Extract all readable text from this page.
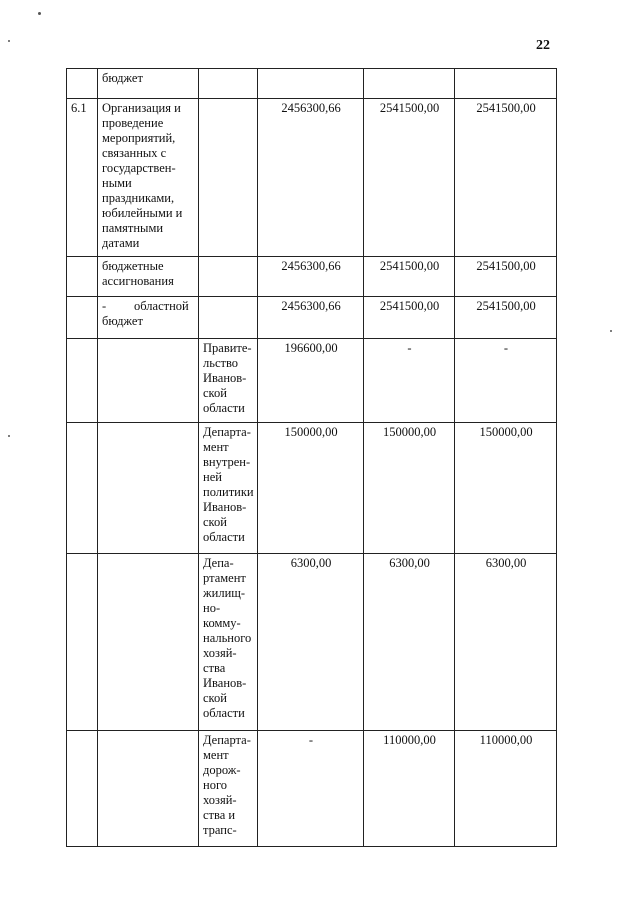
22
	бюджет				
6.1	Организация и проведение мероприятий, связанных с государствен-ными праздниками, юбилейными и памятными датами		2456300,66	2541500,00	2541500,00
	бюджетные ассигнования		2456300,66	2541500,00	2541500,00
	- областной бюджет		2456300,66	2541500,00	2541500,00
		Правите-льство Иванов-ской области	196600,00	-	-
		Департа-мент внутрен-ней политики Иванов-ской области	150000,00	150000,00	150000,00
		Депа-ртамент жилищ-но-комму-нального хозяй-ства Иванов-ской области	6300,00	6300,00	6300,00
		Департа-мент дорож-ного хозяй-ства и трапс-	-	110000,00	110000,00
